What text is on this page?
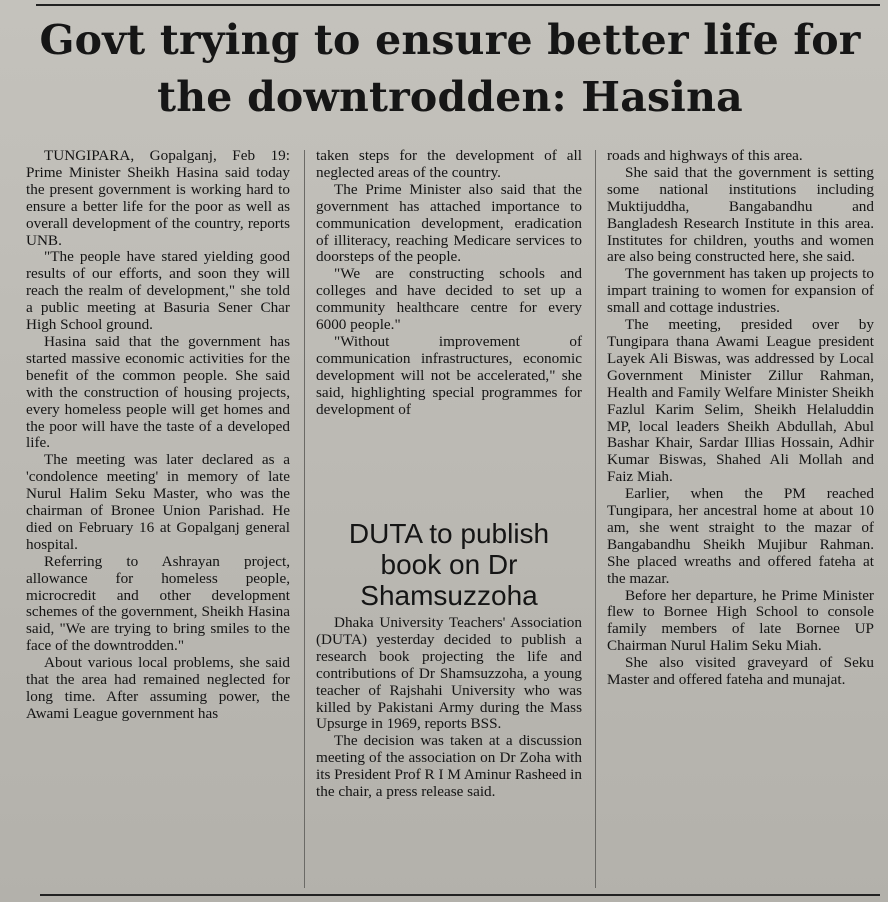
Govt trying to ensure better life for the downtrodden: Hasina

TUNGIPARA, Gopalganj, Feb 19: Prime Minister Sheikh Hasina said today the present government is working hard to ensure a better life for the poor as well as overall development of the country, reports UNB.

"The people have stared yielding good results of our efforts, and soon they will reach the realm of development," she told a public meeting at Basuria Sener Char High School ground.

Hasina said that the government has started massive economic activities for the benefit of the common people. She said with the construction of housing projects, every homeless people will get homes and the poor will have the taste of a developed life.

The meeting was later declared as a 'condolence meeting' in memory of late Nurul Halim Seku Master, who was the chairman of Bronee Union Parishad. He died on February 16 at Gopalganj general hospital.

Referring to Ashrayan project, allowance for homeless people, microcredit and other development schemes of the government, Sheikh Hasina said, "We are trying to bring smiles to the face of the downtrodden."

About various local problems, she said that the area had remained neglected for long time. After assuming power, the Awami League government has

taken steps for the development of all neglected areas of the country.

The Prime Minister also said that the government has attached importance to communication development, eradication of illiteracy, reaching Medicare services to doorsteps of the people.

"We are constructing schools and colleges and have decided to set up a community healthcare centre for every 6000 people."

"Without improvement of communication infrastructures, economic development will not be accelerated," she said, highlighting special programmes for development of

DUTA to publish book on Dr Shamsuzzoha

Dhaka University Teachers' Association (DUTA) yesterday decided to publish a research book projecting the life and contributions of Dr Shamsuzzoha, a young teacher of Rajshahi University who was killed by Pakistani Army during the Mass Upsurge in 1969, reports BSS.

The decision was taken at a discussion meeting of the association on Dr Zoha with its President Prof R I M Aminur Rasheed in the chair, a press release said.

roads and highways of this area.

She said that the government is setting some national institutions including Muktijuddha, Bangabandhu and Bangladesh Research Institute in this area. Institutes for children, youths and women are also being constructed here, she said.

The government has taken up projects to impart training to women for expansion of small and cottage industries.

The meeting, presided over by Tungipara thana Awami League president Layek Ali Biswas, was addressed by Local Government Minister Zillur Rahman, Health and Family Welfare Minister Sheikh Fazlul Karim Selim, Sheikh Helaluddin MP, local leaders Sheikh Abdullah, Abul Bashar Khair, Sardar Illias Hossain, Adhir Kumar Biswas, Shahed Ali Mollah and Faiz Miah.

Earlier, when the PM reached Tungipara, her ancestral home at about 10 am, she went straight to the mazar of Bangabandhu Sheikh Mujibur Rahman. She placed wreaths and offered fateha at the mazar.

Before her departure, he Prime Minister flew to Bornee High School to console family members of late Bornee UP Chairman Nurul Halim Seku Miah.

She also visited graveyard of Seku Master and offered fateha and munajat.
